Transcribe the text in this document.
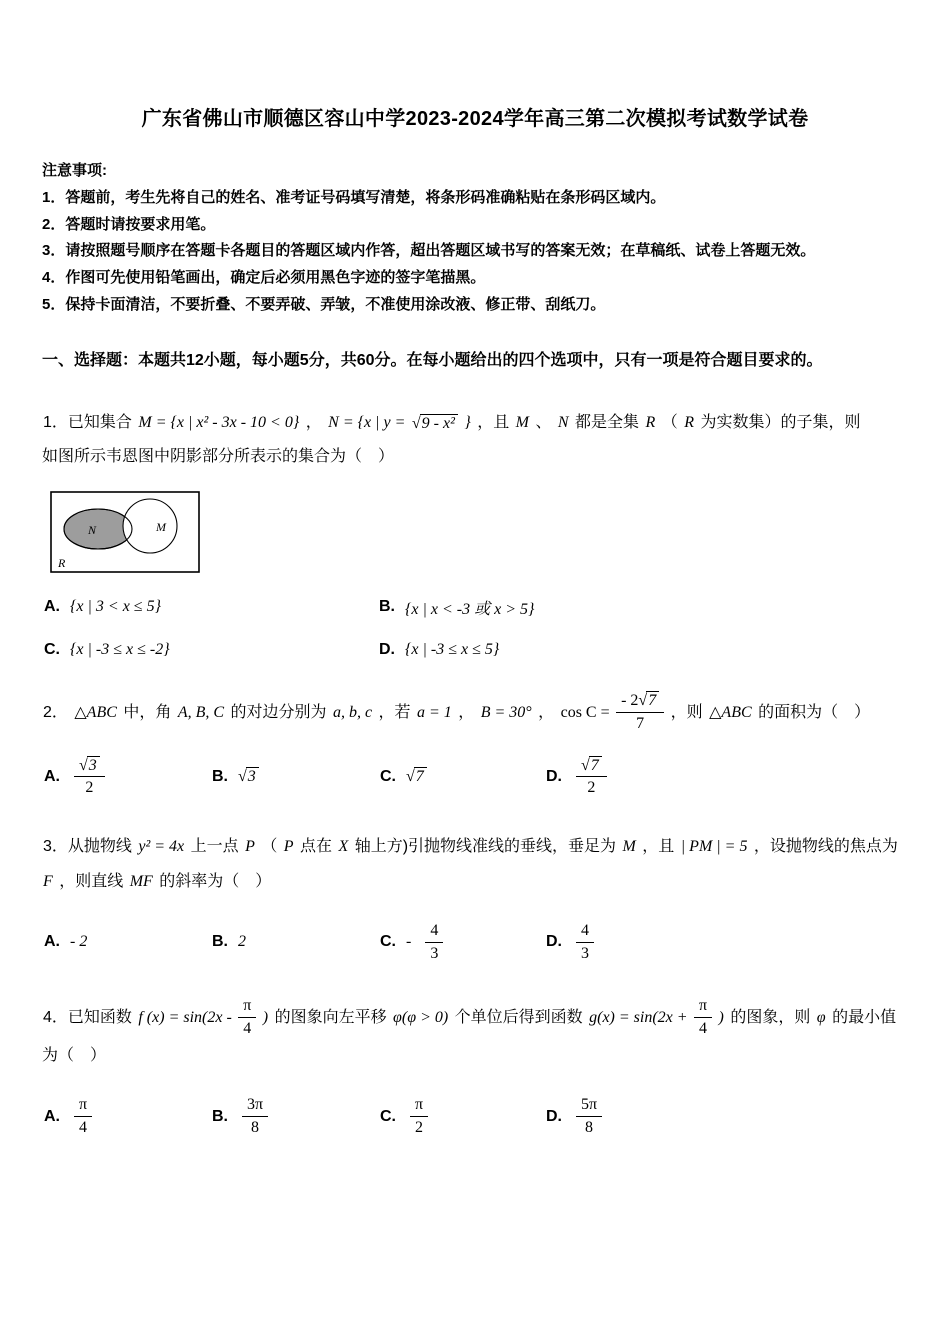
广东省佛山市顺德区容山中学2023-2024学年高三第二次模拟考试数学试卷
注意事项:
1．答题前，考生先将自己的姓名、准考证号码填写清楚，将条形码准确粘贴在条形码区域内。
2．答题时请按要求用笔。
3．请按照题号顺序在答题卡各题目的答题区域内作答，超出答题区域书写的答案无效；在草稿纸、试卷上答题无效。
4．作图可先使用铅笔画出，确定后必须用黑色字迹的签字笔描黑。
5．保持卡面清洁，不要折叠、不要弄破、弄皱，不准使用涂改液、修正带、刮纸刀。
一、选择题：本题共12小题，每小题5分，共60分。在每小题给出的四个选项中，只有一项是符合题目要求的。

1．已知集合 M = {x | x² - 3x - 10 < 0} ， N = {x | y = √ 9 - x² } ，且 M 、 N 都是全集 R （ R 为实数集）的子集，则

如图所示韦恩图中阴影部分所表示的集合为（　）

N	M
R
A. {x | 3 < x ≤ 5}	B. {x | x < -3 或 x > 5}
C. {x | -3 ≤ x ≤ -2}	D. {x | -3 ≤ x ≤ 5}

2． △ABC 中，角 A, B, C 的对边分别为 a, b, c ，若 a = 1 ， B = 30° ， $\cos C = \frac{- 2 √ 7}{7}$ ，则 △ABC 的面积为（　）

A. $\frac{√ 3}{2}$	B. √ 3	C. √ 7	D. $\frac{√ 7}{2}$

3．从抛物线 y² = 4x 上一点 P （ P 点在 X 轴上方)引抛物线准线的垂线，垂足为 M ，且 | PM | = 5 ，设抛物线的焦点为 F ，则直线 MF 的斜率为（　）

A. - 2	B. 2	C. - $\frac{4}{3}$	D. $\frac{4}{3}$

4．已知函数 f $(x) = \sin(2x - \frac{\pi}{4}$ ) 的图象向左平移 φ(φ > 0) 个单位后得到函数 $g(x) = \sin(2x + \frac{\pi}{4}$ ) 的图象，则 φ 的最小值为（　）

A. $\frac{\pi}{4}$	B. $\frac{3\pi}{8}$	C. $\frac{\pi}{2}$	D. $\frac{5\pi}{8}$
